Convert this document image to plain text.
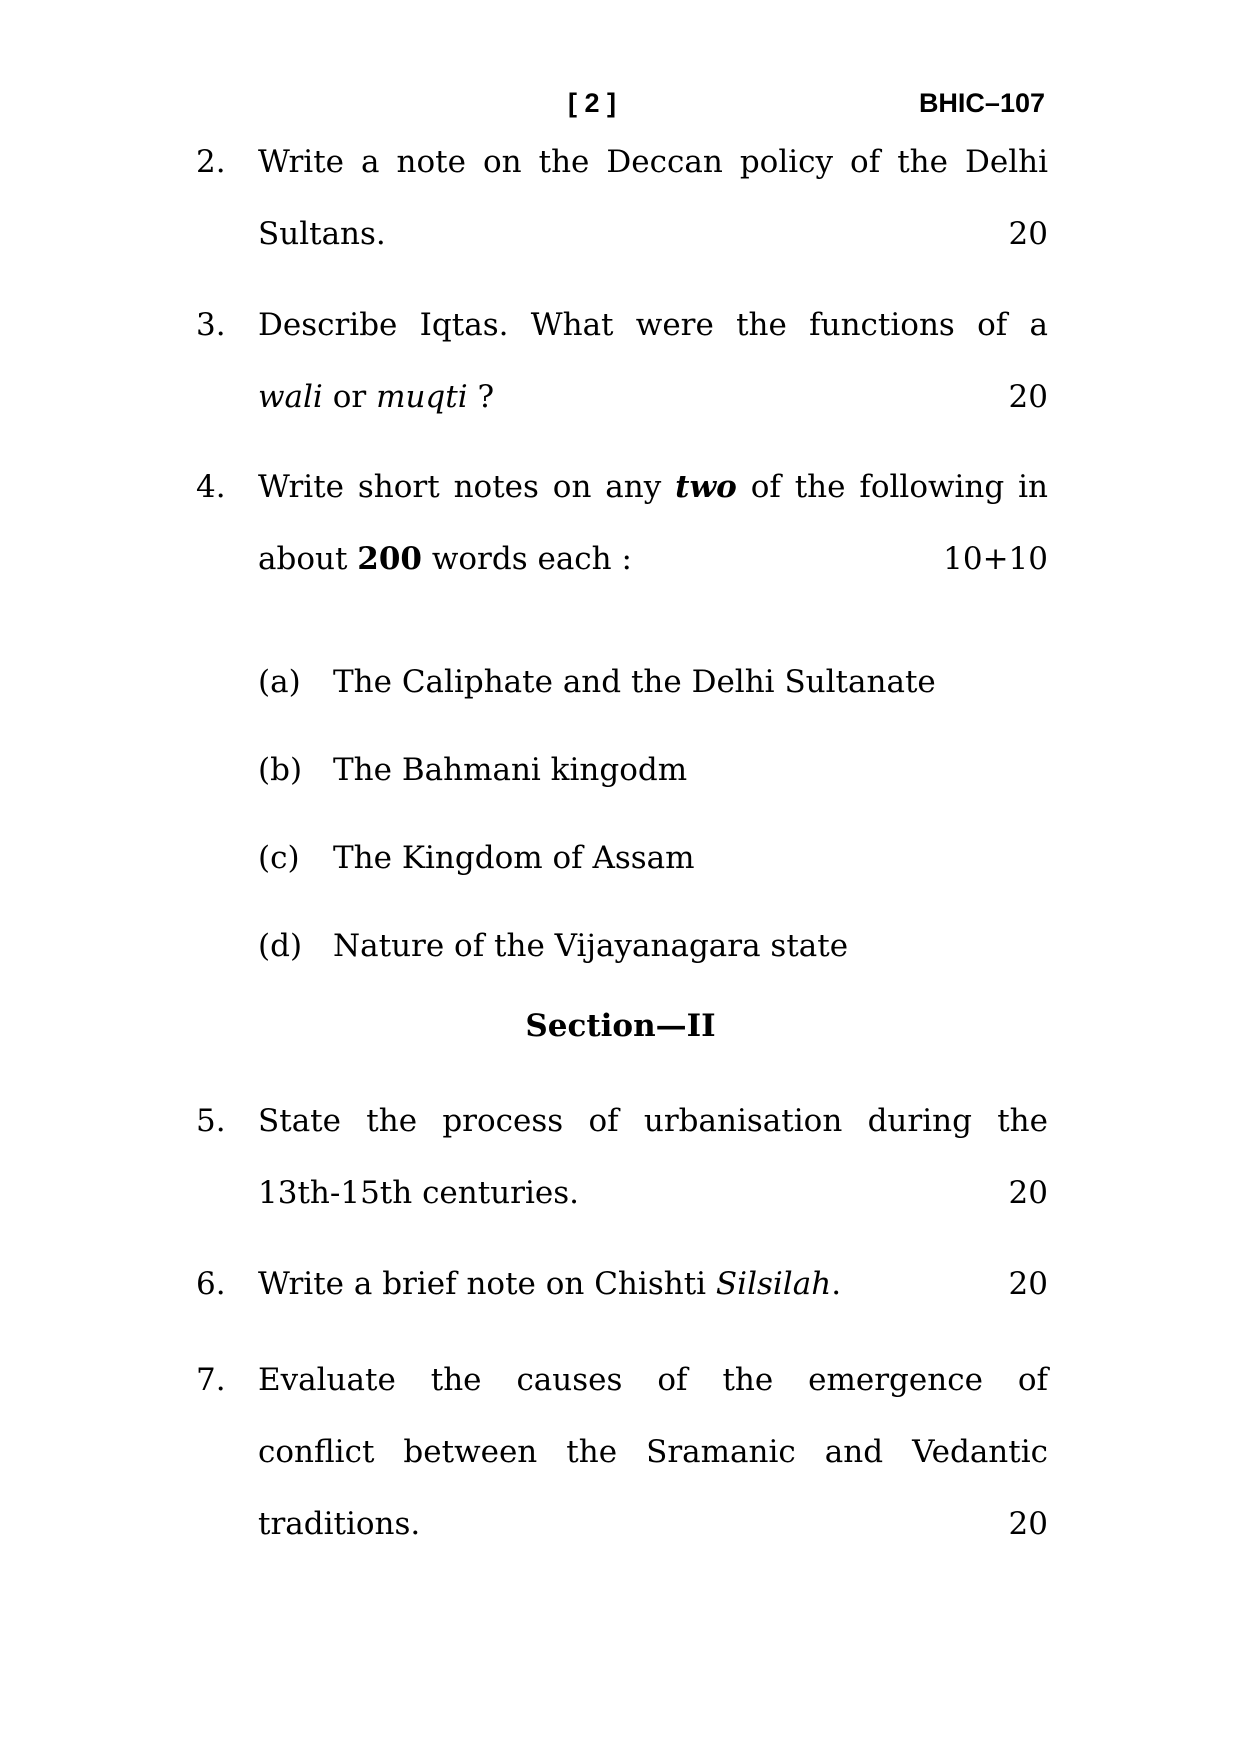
[ 2 ]	BHIC–107
2. Write a note on the Deccan policy of the Delhi
Sultans.	20
3. Describe Iqtas. What were the functions of a
wali or muqti ?	20
4. Write short notes on any two of the following in
about 200 words each :	10+10
(a) The Caliphate and the Delhi Sultanate
(b) The Bahmani kingodm
(c) The Kingdom of Assam
(d) Nature of the Vijayanagara state
Section—II
5. State the process of urbanisation during the
13th-15th centuries.	20
6. Write a brief note on Chishti Silsilah.	20
7. Evaluate the causes of the emergence of
conflict between the Sramanic and Vedantic
traditions.	20
